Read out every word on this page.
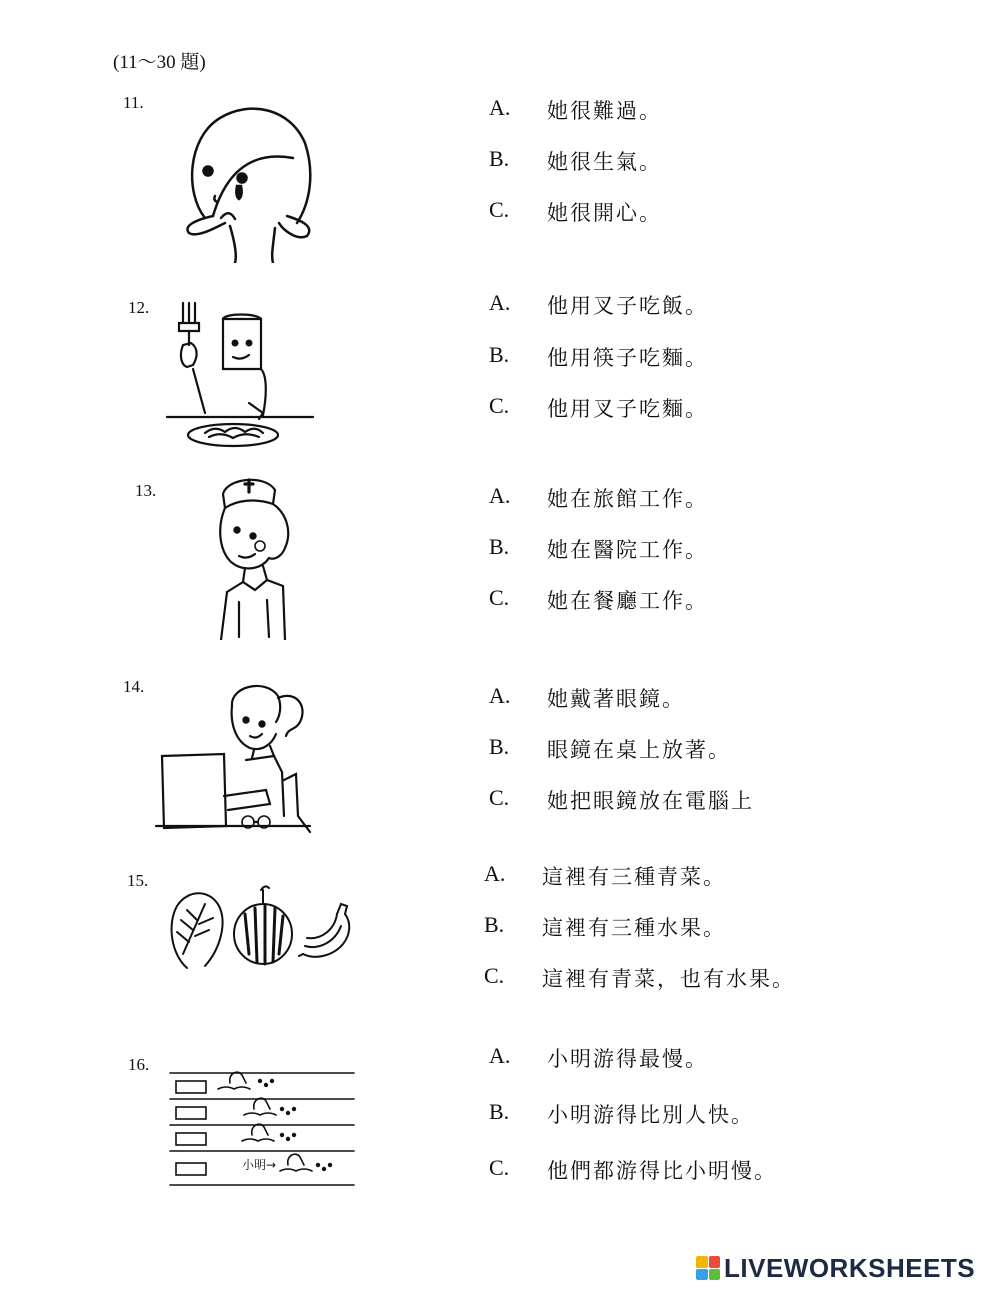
(11～30 題)
11.	A. 她很難過。
B. 她很生氣。
C. 她很開心。
12.	A. 他用叉子吃飯。
B. 他用筷子吃麵。
C. 他用叉子吃麵。
13.	A. 她在旅館工作。
B. 她在醫院工作。
C. 她在餐廳工作。
14.	A. 她戴著眼鏡。
B. 眼鏡在桌上放著。
C. 她把眼鏡放在電腦上
15.	A. 這裡有三種青菜。
B. 這裡有三種水果。
C. 這裡有青菜，也有水果。
16.
小明→
A. 小明游得最慢。
B. 小明游得比別人快。
C. 他們都游得比小明慢。
LIVEWORKSHEETS
